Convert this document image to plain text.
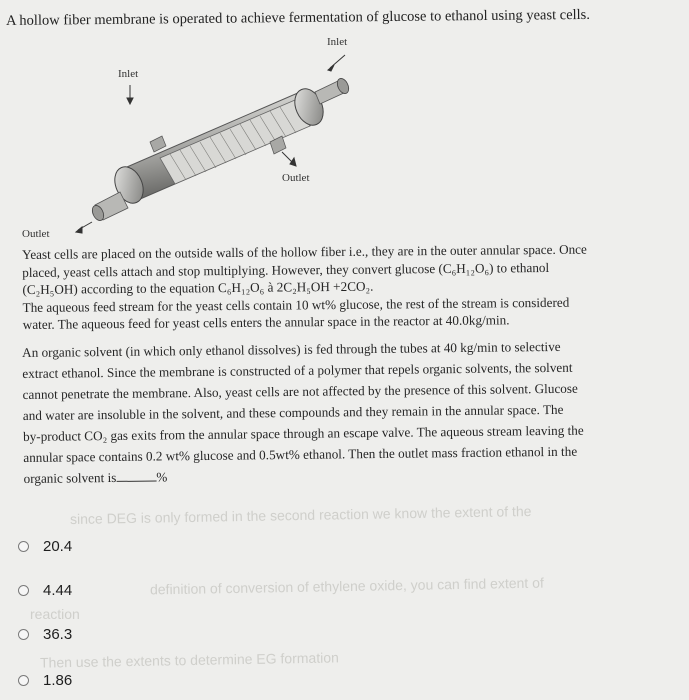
since DEG is only formed in the second reaction we know the extent of the
definition of conversion of ethylene oxide, you can find extent of
reaction
Then use the extents to determine EG formation
A hollow fiber membrane is operated to achieve fermentation of glucose to ethanol using yeast cells.
Inlet
Inlet
Outlet
Outlet
Yeast cells are placed on the outside walls of the hollow fiber i.e., they are in the outer annular space. Once
placed, yeast cells attach and stop multiplying. However, they convert glucose (C₆H₁₂O₆) to ethanol
(C₂H₅OH) according to the equation C₆H₁₂O₆ à 2C₂H₅OH +2CO₂.
The aqueous feed stream for the yeast cells contain 10 wt% glucose, the rest of the stream is considered
water. The aqueous feed for yeast cells enters the annular space in the reactor at 40.0kg/min.
An organic solvent (in which only ethanol dissolves) is fed through the tubes at 40 kg/min to selective
extract ethanol. Since the membrane is constructed of a polymer that repels organic solvents, the solvent
cannot penetrate the membrane. Also, yeast cells are not affected by the presence of this solvent. Glucose
and water are insoluble in the solvent, and these compounds and they remain in the annular space. The
by-product CO₂ gas exits from the annular space through an escape valve. The aqueous stream leaving the
annular space contains 0.2 wt% glucose and 0.5wt% ethanol. Then the outlet mass fraction ethanol in the
organic solvent is	%
20.4
4.44
36.3
1.86
